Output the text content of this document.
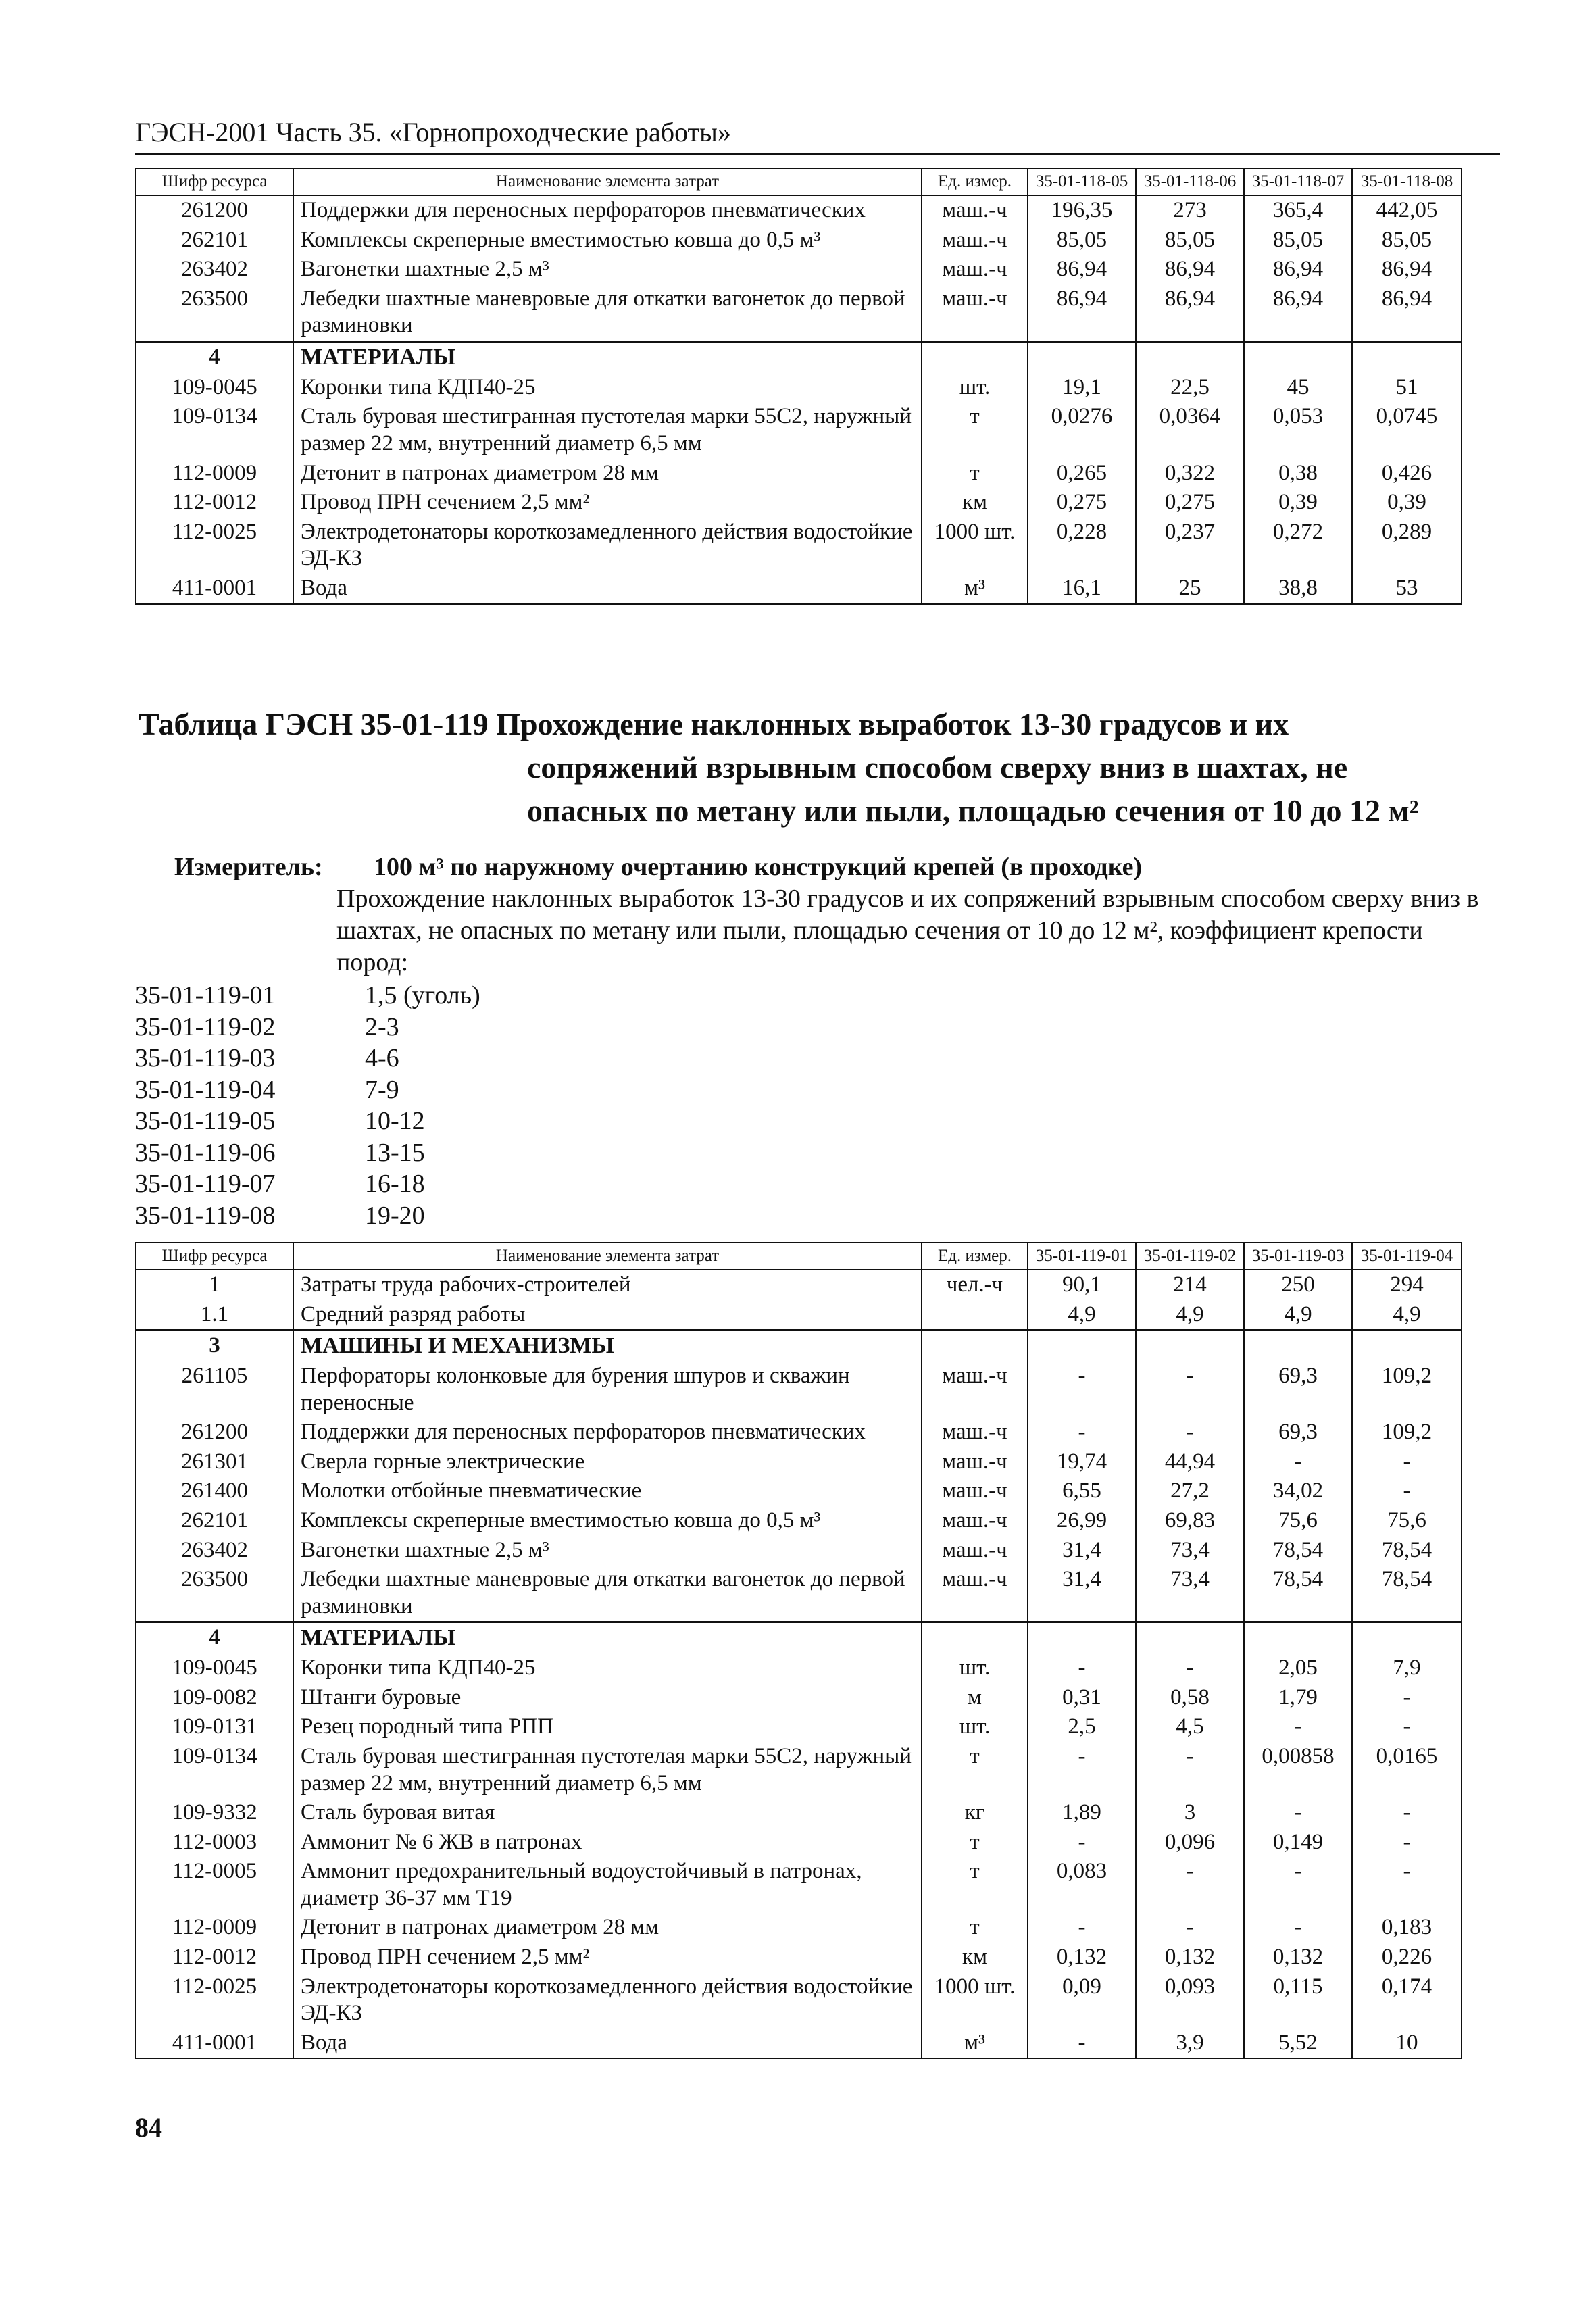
ГЭСН-2001 Часть 35. «Горнопроходческие работы»
Шифр ресурса	Наименование элемента затрат	Ед. измер.	35-01-118-05	35-01-118-06	35-01-118-07	35-01-118-08
261200	Поддержки для переносных перфораторов пневматических	маш.-ч	196,35	273	365,4	442,05
262101	Комплексы скреперные вместимостью ковша до 0,5 м³	маш.-ч	85,05	85,05	85,05	85,05
263402	Вагонетки шахтные 2,5 м³	маш.-ч	86,94	86,94	86,94	86,94
263500	Лебедки шахтные маневровые для откатки вагонеток до первой разминовки	маш.-ч	86,94	86,94	86,94	86,94
4	МАТЕРИАЛЫ					
109-0045	Коронки типа КДП40-25	шт.	19,1	22,5	45	51
109-0134	Сталь буровая шестигранная пустотелая марки 55С2, наружный размер 22 мм, внутренний диаметр 6,5 мм	т	0,0276	0,0364	0,053	0,0745
112-0009	Детонит в патронах диаметром 28 мм	т	0,265	0,322	0,38	0,426
112-0012	Провод ПРН сечением 2,5 мм²	км	0,275	0,275	0,39	0,39
112-0025	Электродетонаторы короткозамедленного действия водостойкие ЭД-КЗ	1000 шт.	0,228	0,237	0,272	0,289
411-0001	Вода	м³	16,1	25	38,8	53
Таблица ГЭСН 35-01-119 Прохождение наклонных выработок 13-30 градусов и их
сопряжений взрывным способом сверху вниз в шахтах, не
опасных по метану или пыли, площадью сечения от 10 до 12 м²
Измеритель: 100 м³ по наружному очертанию конструкций крепей (в проходке)
Прохождение наклонных выработок 13-30 градусов и их сопряжений взрывным способом сверху вниз в шахтах, не опасных по метану или пыли, площадью сечения от 10 до 12 м², коэффициент крепости пород:
35-01-119-01	1,5 (уголь)
35-01-119-02	2-3
35-01-119-03	4-6
35-01-119-04	7-9
35-01-119-05	10-12
35-01-119-06	13-15
35-01-119-07	16-18
35-01-119-08	19-20
Шифр ресурса	Наименование элемента затрат	Ед. измер.	35-01-119-01	35-01-119-02	35-01-119-03	35-01-119-04
1	Затраты труда рабочих-строителей	чел.-ч	90,1	214	250	294
1.1	Средний разряд работы		4,9	4,9	4,9	4,9
3	МАШИНЫ И МЕХАНИЗМЫ					
261105	Перфораторы колонковые для бурения шпуров и скважин переносные	маш.-ч	-	-	69,3	109,2
261200	Поддержки для переносных перфораторов пневматических	маш.-ч	-	-	69,3	109,2
261301	Сверла горные электрические	маш.-ч	19,74	44,94	-	-
261400	Молотки отбойные пневматические	маш.-ч	6,55	27,2	34,02	-
262101	Комплексы скреперные вместимостью ковша до 0,5 м³	маш.-ч	26,99	69,83	75,6	75,6
263402	Вагонетки шахтные 2,5 м³	маш.-ч	31,4	73,4	78,54	78,54
263500	Лебедки шахтные маневровые для откатки вагонеток до первой разминовки	маш.-ч	31,4	73,4	78,54	78,54
4	МАТЕРИАЛЫ					
109-0045	Коронки типа КДП40-25	шт.	-	-	2,05	7,9
109-0082	Штанги буровые	м	0,31	0,58	1,79	-
109-0131	Резец породный типа РПП	шт.	2,5	4,5	-	-
109-0134	Сталь буровая шестигранная пустотелая марки 55С2, наружный размер 22 мм, внутренний диаметр 6,5 мм	т	-	-	0,00858	0,0165
109-9332	Сталь буровая витая	кг	1,89	3	-	-
112-0003	Аммонит № 6 ЖВ в патронах	т	-	0,096	0,149	-
112-0005	Аммонит предохранительный водоустойчивый в патронах, диаметр 36-37 мм Т19	т	0,083	-	-	-
112-0009	Детонит в патронах диаметром 28 мм	т	-	-	-	0,183
112-0012	Провод ПРН сечением 2,5 мм²	км	0,132	0,132	0,132	0,226
112-0025	Электродетонаторы короткозамедленного действия водостойкие ЭД-КЗ	1000 шт.	0,09	0,093	0,115	0,174
411-0001	Вода	м³	-	3,9	5,52	10
84
